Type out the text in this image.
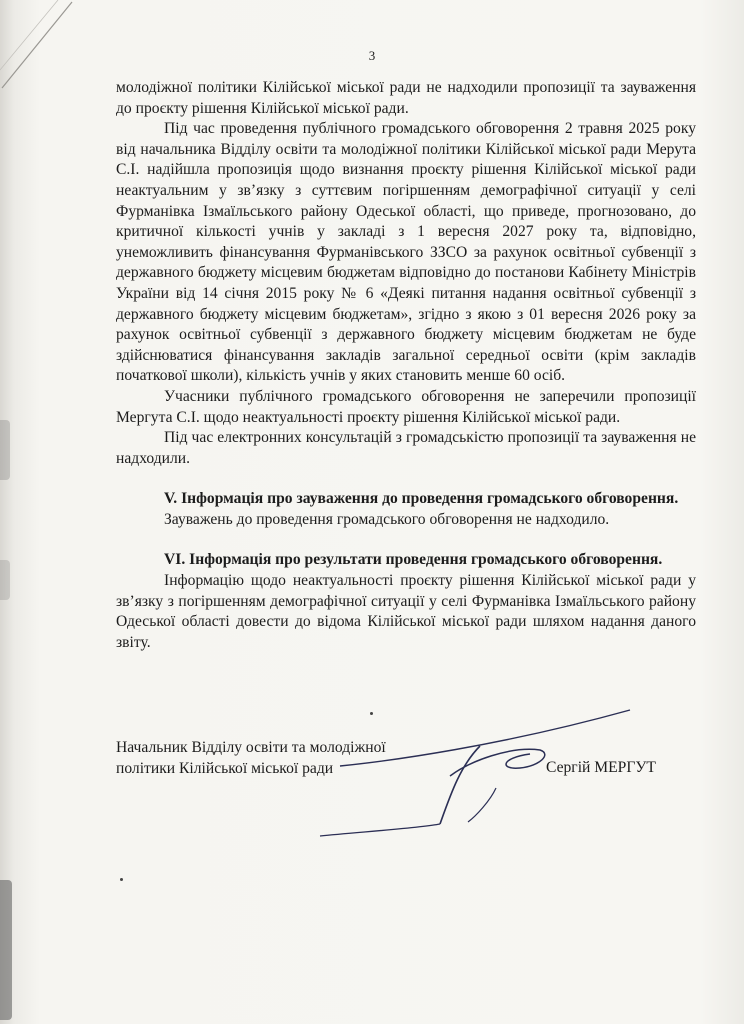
3

молодіжної політики Кілійської міської ради не надходили пропозиції та зауваження до проєкту рішення Кілійської міської ради.

Під час проведення публічного громадського обговорення 2 травня 2025 року від начальника Відділу освіти та молодіжної політики Кілійської міської ради Мерута С.І. надійшла пропозиція щодо визнання проєкту рішення Кілійської міської ради неактуальним у зв’язку з суттєвим погіршенням демографічної ситуації у селі Фурманівка Ізмаїльського району Одеської області, що приведе, прогнозовано, до критичної кількості учнів у закладі з 1 вересня 2027 року та, відповідно, унеможливить фінансування Фурманівського ЗЗСО за рахунок освітньої субвенції з державного бюджету місцевим бюджетам відповідно до постанови Кабінету Міністрів України від 14 січня 2015 року № 6 «Деякі питання надання освітньої субвенції з державного бюджету місцевим бюджетам», згідно з якою з 01 вересня 2026 року за рахунок освітньої субвенції з державного бюджету місцевим бюджетам не буде здійснюватися фінансування закладів загальної середньої освіти (крім закладів початкової школи), кількість учнів у яких становить менше 60 осіб.

Учасники публічного громадського обговорення не заперечили пропозиції Мергута С.І. щодо неактуальності проєкту рішення Кілійської міської ради.

Під час електронних консультацій з громадськістю пропозиції та зауваження не надходили.

V. Інформація про зауваження до проведення громадського обговорення.

Зауважень до проведення громадського обговорення не надходило.

VI. Інформація про результати проведення громадського обговорення.

Інформацію щодо неактуальності проєкту рішення Кілійської міської ради у зв’язку з погіршенням демографічної ситуації у селі Фурманівка Ізмаїльського району Одеської області довести до відома Кілійської міської ради шляхом надання даного звіту.

Начальник Відділу освіти та молодіжної
політики Кілійської міської ради	Сергій МЕРГУТ
